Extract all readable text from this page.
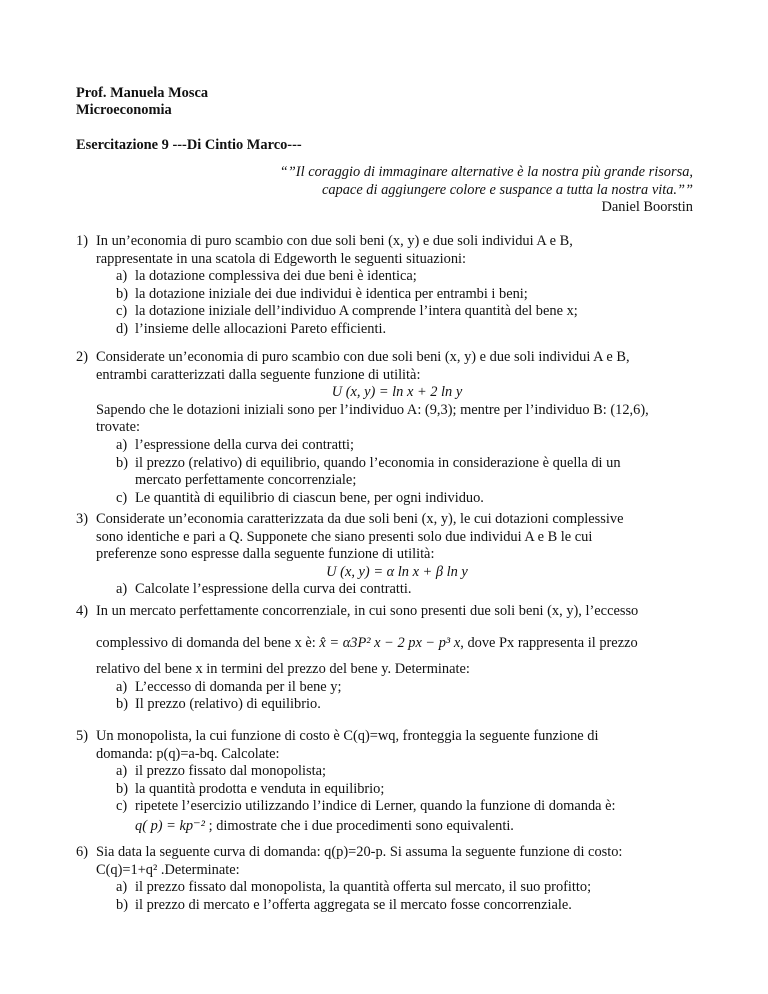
Prof. Manuela Mosca
Microeconomia
Esercitazione 9 ---Di Cintio Marco---
“”Il coraggio di immaginare alternative è la nostra più grande risorsa,
capace di aggiungere colore e suspance a tutta la nostra vita.””
Daniel Boorstin
1) In un’economia di puro scambio con due soli beni (x, y) e due soli individui A e B,
rappresentate in una scatola di Edgeworth le seguenti situazioni:
a) la dotazione complessiva dei due beni è identica;
b) la dotazione iniziale dei due individui è identica per entrambi i beni;
c) la dotazione iniziale dell’individuo A comprende l’intera quantità del bene x;
d) l’insieme delle allocazioni Pareto efficienti.
2) Considerate un’economia di puro scambio con due soli beni (x, y) e due soli individui A e B,
entrambi caratterizzati dalla seguente funzione di utilità:
U (x, y) = ln x + 2 ln y
Sapendo che le dotazioni iniziali sono per l’individuo A: (9,3); mentre per l’individuo B: (12,6),
trovate:
a) l’espressione della curva dei contratti;
b) il prezzo (relativo) di equilibrio, quando l’economia in considerazione è quella di un
mercato perfettamente concorrenziale;
c) Le quantità di equilibrio di ciascun bene, per ogni individuo.
3) Considerate un’economia caratterizzata da due soli beni (x, y), le cui dotazioni complessive
sono identiche e pari a Q. Supponete che siano presenti solo due individui A e B le cui
preferenze sono espresse dalla seguente funzione di utilità:
U (x, y) = α ln x + β ln y
a) Calcolate l’espressione della curva dei contratti.
4) In un mercato perfettamente concorrenziale, in cui sono presenti due soli beni (x, y), l’eccesso
complessivo di domanda del bene x è: x̂ = α3P² x − 2 px − p³ x, dove Px rappresenta il prezzo
relativo del bene x in termini del prezzo del bene y. Determinate:
a) L’eccesso di domanda per il bene y;
b) Il prezzo (relativo) di equilibrio.
5) Un monopolista, la cui funzione di costo è C(q)=wq, fronteggia la seguente funzione di
domanda: p(q)=a-bq. Calcolate:
a) il prezzo fissato dal monopolista;
b) la quantità prodotta e venduta in equilibrio;
c) ripetete l’esercizio utilizzando l’indice di Lerner, quando la funzione di domanda è:
q( p) = kp⁻² ; dimostrate che i due procedimenti sono equivalenti.
6) Sia data la seguente curva di domanda: q(p)=20-p. Si assuma la seguente funzione di costo:
C(q)=1+q² .Determinate:
a) il prezzo fissato dal monopolista, la quantità offerta sul mercato, il suo profitto;
b) il prezzo di mercato e l’offerta aggregata se il mercato fosse concorrenziale.
